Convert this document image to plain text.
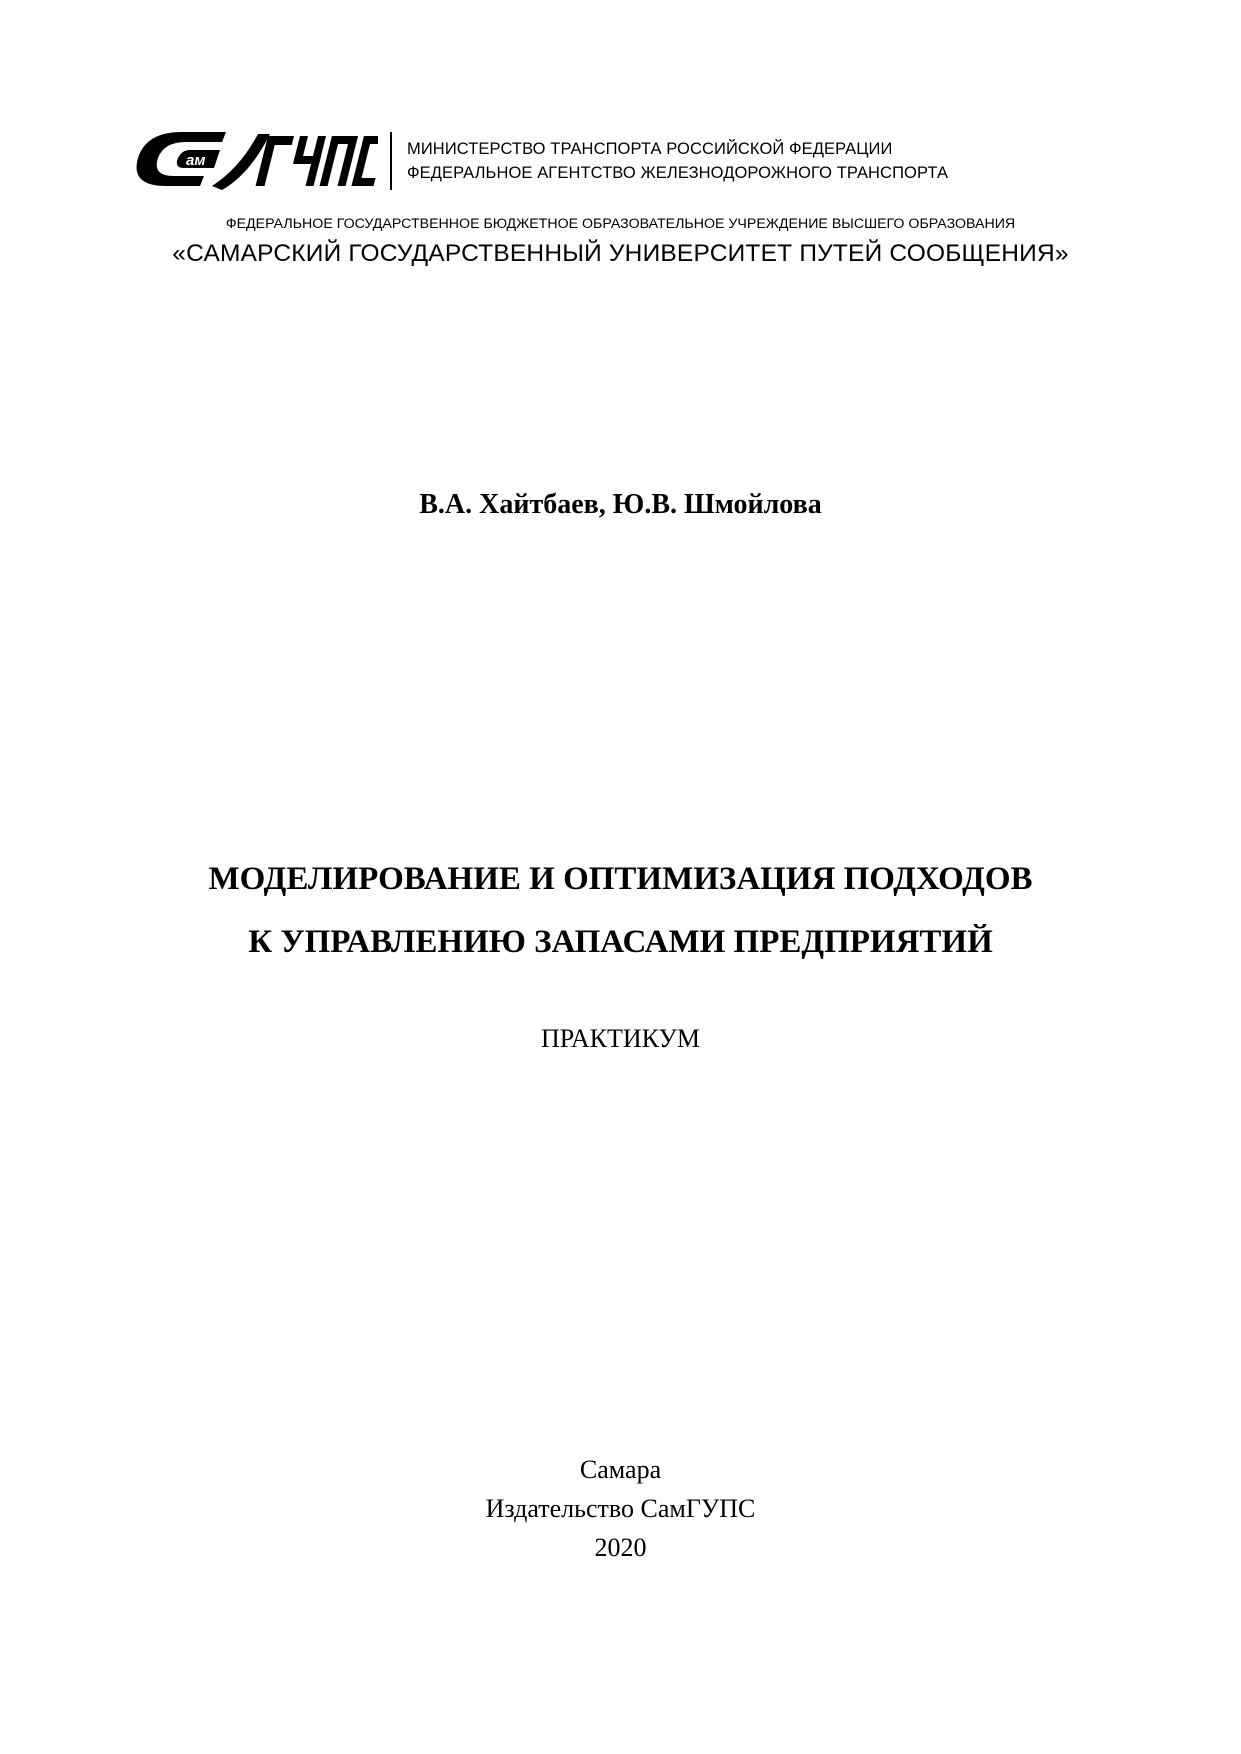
ам
МИНИСТЕРСТВО ТРАНСПОРТА РОССИЙСКОЙ ФЕДЕРАЦИИ
ФЕДЕРАЛЬНОЕ АГЕНТСТВО ЖЕЛЕЗНОДОРОЖНОГО ТРАНСПОРТА
ФЕДЕРАЛЬНОЕ ГОСУДАРСТВЕННОЕ БЮДЖЕТНОЕ ОБРАЗОВАТЕЛЬНОЕ УЧРЕЖДЕНИЕ ВЫСШЕГО ОБРАЗОВАНИЯ
«САМАРСКИЙ ГОСУДАРСТВЕННЫЙ УНИВЕРСИТЕТ ПУТЕЙ СООБЩЕНИЯ»
В.А. Хайтбаев, Ю.В. Шмойлова
МОДЕЛИРОВАНИЕ И ОПТИМИЗАЦИЯ ПОДХОДОВ
К УПРАВЛЕНИЮ ЗАПАСАМИ ПРЕДПРИЯТИЙ
ПРАКТИКУМ
Самара
Издательство СамГУПС
2020
